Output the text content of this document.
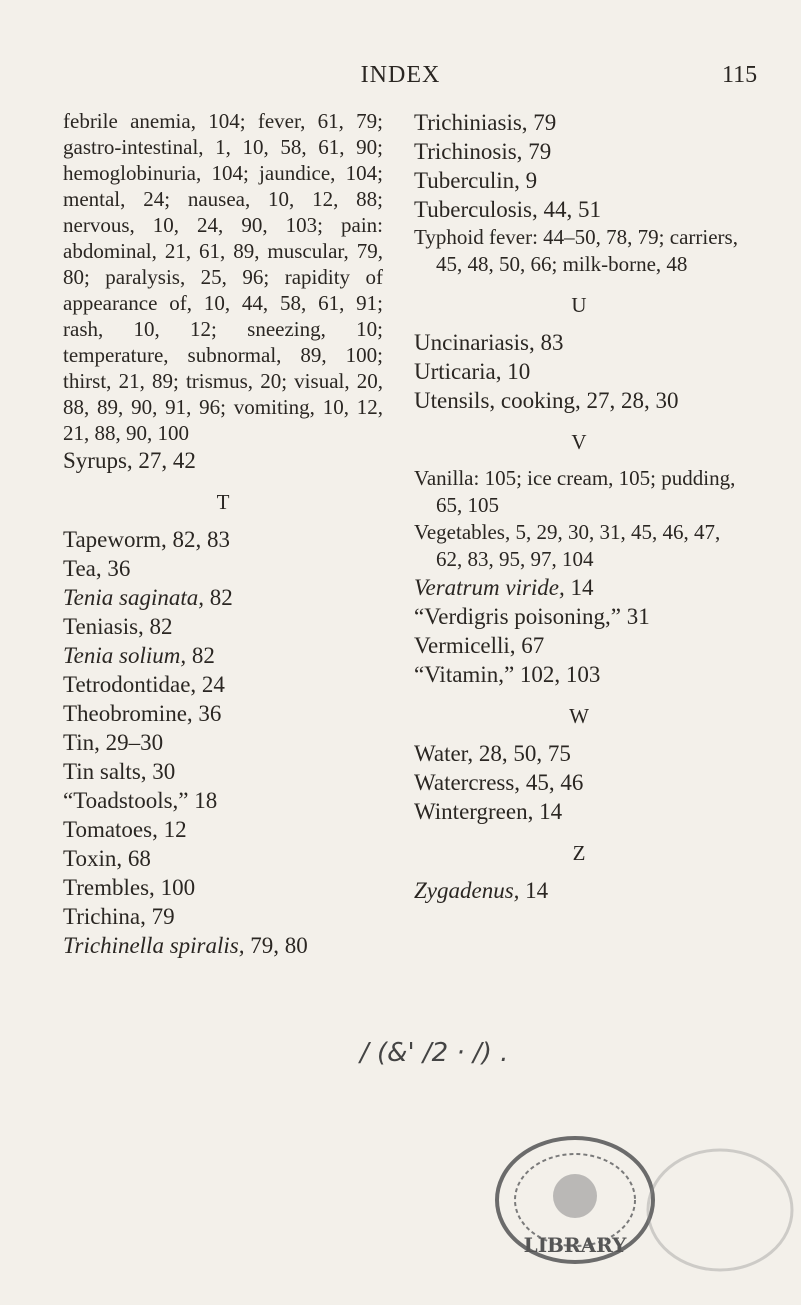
INDEX	115

febrile anemia, 104; fever, 61, 79; gastro-intestinal, 1, 10, 58, 61, 90; hemoglobinuria, 104; jaundice, 104; mental, 24; nausea, 10, 12, 88; nervous, 10, 24, 90, 103; pain: abdominal, 21, 61, 89, muscular, 79, 80; paralysis, 25, 96; rapidity of appearance of, 10, 44, 58, 61, 91; rash, 10, 12; sneezing, 10; temperature, subnormal, 89, 100; thirst, 21, 89; trismus, 20; visual, 20, 88, 89, 90, 91, 96; vomiting, 10, 12, 21, 88, 90, 100

Syrups, 27, 42

T

Tapeworm, 82, 83

Tea, 36

Tenia saginata, 82

Teniasis, 82

Tenia solium, 82

Tetrodontidae, 24

Theobromine, 36

Tin, 29–30

Tin salts, 30

“Toadstools,” 18

Tomatoes, 12

Toxin, 68

Trembles, 100

Trichina, 79

Trichinella spiralis, 79, 80

Trichiniasis, 79

Trichinosis, 79

Tuberculin, 9

Tuberculosis, 44, 51

Typhoid fever: 44–50, 78, 79; carriers, 45, 48, 50, 66; milk-borne, 48

U

Uncinariasis, 83

Urticaria, 10

Utensils, cooking, 27, 28, 30

V

Vanilla: 105; ice cream, 105; pudding, 65, 105

Vegetables, 5, 29, 30, 31, 45, 46, 47, 62, 83, 95, 97, 104

Veratrum viride, 14

“Verdigris poisoning,” 31

Vermicelli, 67

“Vitamin,” 102, 103

W

Water, 28, 50, 75

Watercress, 45, 46

Wintergreen, 14

Z

Zygadenus, 14

/ (&' /2 · /) .
LIBRARY
